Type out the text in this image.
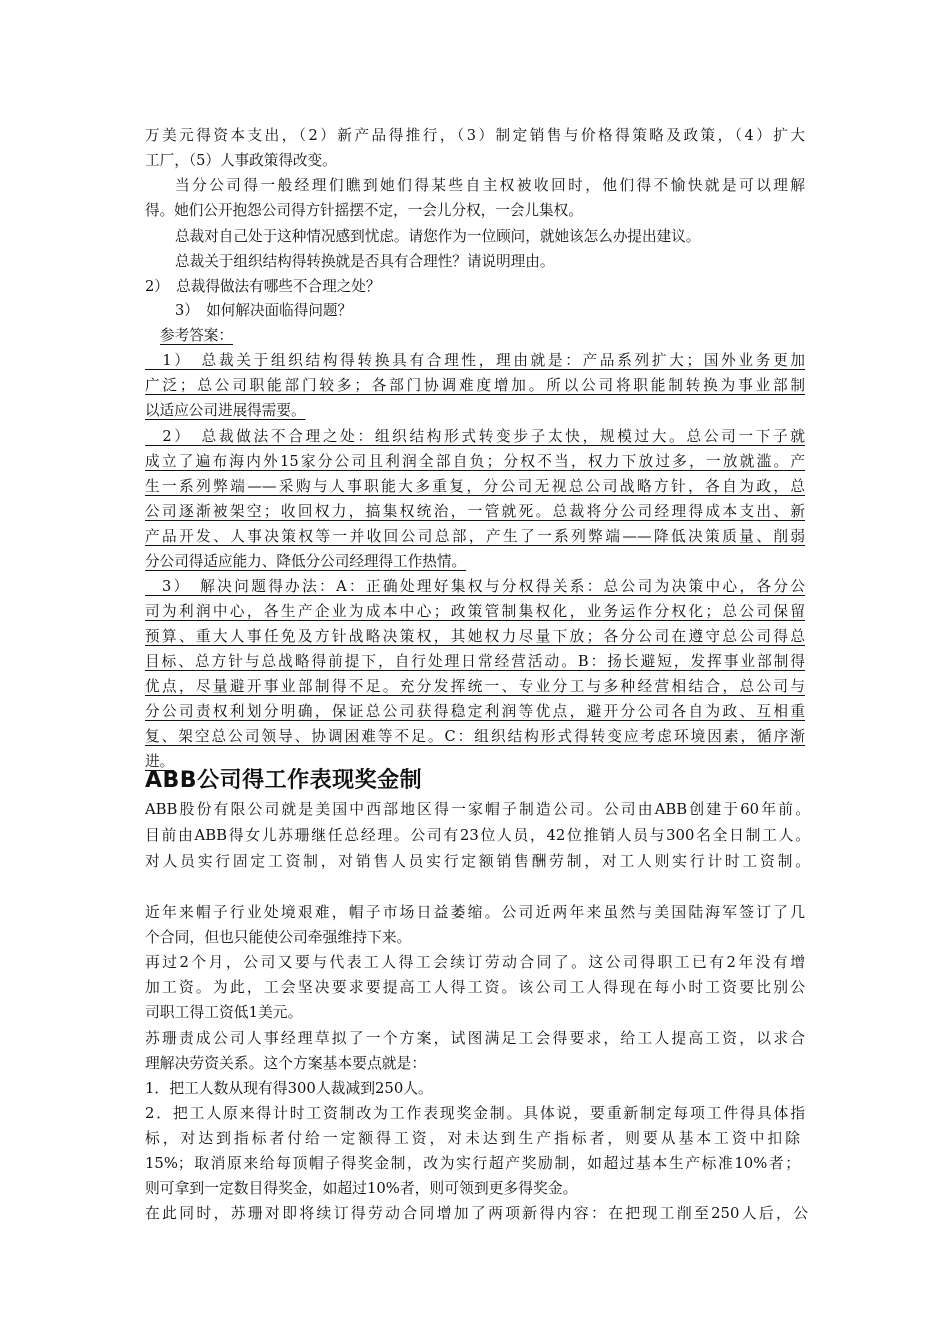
万美元得资本支出，（2）新产品得推行，（3）制定销售与价格得策略及政策，（4）扩大
工厂，（5）人事政策得改变。
当分公司得一般经理们瞧到她们得某些自主权被收回时，他们得不愉快就是可以理解
得。她们公开抱怨公司得方针摇摆不定，一会儿分权，一会儿集权。
总裁对自己处于这种情况感到忧虑。请您作为一位顾问，就她该怎么办提出建议。
总裁关于组织结构得转换就是否具有合理性？请说明理由。
2）　总裁得做法有哪些不合理之处？
3）　如何解决面临得问题？
参考答案：
　1）　总裁关于组织结构得转换具有合理性，理由就是：产品系列扩大；国外业务更加
广泛；总公司职能部门较多；各部门协调难度增加。所以公司将职能制转换为事业部制
以适应公司进展得需要。
　2）　总裁做法不合理之处：组织结构形式转变步子太快，规模过大。总公司一下子就
成立了遍布海内外15家分公司且利润全部自负；分权不当，权力下放过多，一放就滥。产
生一系列弊端——采购与人事职能大多重复，分公司无视总公司战略方针，各自为政，总
公司逐渐被架空；收回权力，搞集权统治，一管就死。总裁将分公司经理得成本支出、新
产品开发、人事决策权等一并收回公司总部，产生了一系列弊端——降低决策质量、削弱
分公司得适应能力、降低分公司经理得工作热情。
　3）　解决问题得办法：A：正确处理好集权与分权得关系：总公司为决策中心，各分公
司为利润中心，各生产企业为成本中心；政策管制集权化，业务运作分权化；总公司保留
预算、重大人事任免及方针战略决策权，其她权力尽量下放；各分公司在遵守总公司得总
目标、总方针与总战略得前提下，自行处理日常经营活动。B：扬长避短，发挥事业部制得
优点，尽量避开事业部制得不足。充分发挥统一、专业分工与多种经营相结合，总公司与
分公司责权利划分明确，保证总公司获得稳定利润等优点，避开分公司各自为政、互相重
复、架空总公司领导、协调困难等不足。C：组织结构形式得转变应考虑环境因素，循序渐
进。
ABB公司得工作表现奖金制
ABB股份有限公司就是美国中西部地区得一家帽子制造公司。公司由ABB创建于60年前。
目前由ABB得女儿苏珊继任总经理。公司有23位人员，42位推销人员与300名全日制工人。
对人员实行固定工资制，对销售人员实行定额销售酬劳制，对工人则实行计时工资制。
近年来帽子行业处境艰难，帽子市场日益萎缩。公司近两年来虽然与美国陆海军签订了几
个合同，但也只能使公司牵强维持下来。
再过2个月，公司又要与代表工人得工会续订劳动合同了。这公司得职工已有2年没有增
加工资。为此，工会坚决要求要提高工人得工资。该公司工人得现在每小时工资要比别公
司职工得工资低1美元。
苏珊责成公司人事经理草拟了一个方案，试图满足工会得要求，给工人提高工资，以求合
理解决劳资关系。这个方案基本要点就是：
1．把工人数从现有得300人裁减到250人。
2．把工人原来得计时工资制改为工作表现奖金制。具体说，要重新制定每项工件得具体指
标，对达到指标者付给一定额得工资，对未达到生产指标者，则要从基本工资中扣除
15%；取消原来给每顶帽子得奖金制，改为实行超产奖励制，如超过基本生产标准10%者；
则可拿到一定数目得奖金，如超过10%者，则可领到更多得奖金。
在此同时，苏珊对即将续订得劳动合同增加了两项新得内容：在把现工削至250人后，公
